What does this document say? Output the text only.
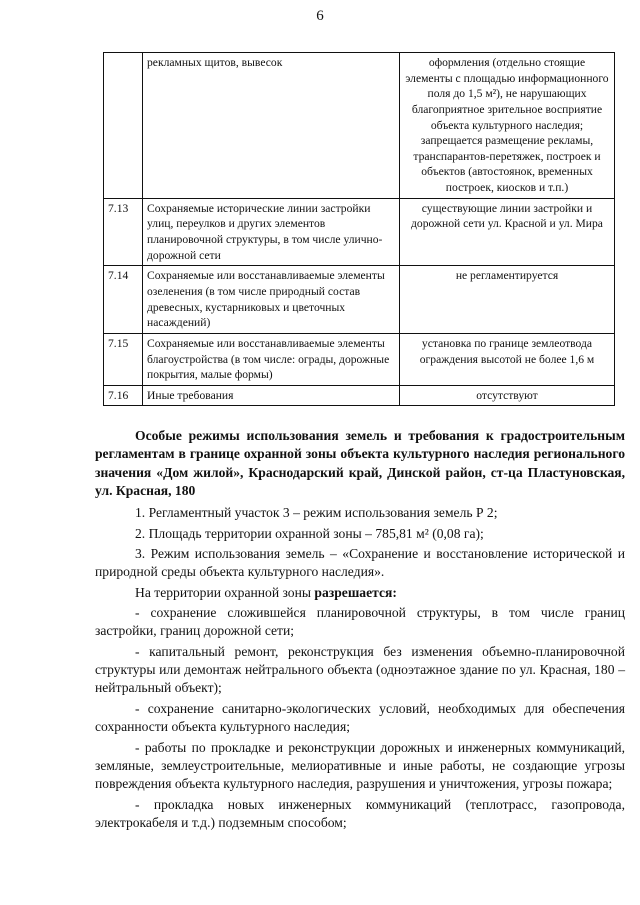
6
	рекламных щитов, вывесок	оформления (отдельно стоящие элементы с площадью информационного поля до 1,5 м²), не нарушающих благоприятное зрительное восприятие объекта культурного наследия; запрещается размещение рекламы, транспарантов-перетяжек, построек и объектов (автостоянок, временных построек, киосков и т.п.)
7.13	Сохраняемые исторические линии застройки улиц, переулков и других элементов планировочной структуры, в том числе улично-дорожной сети	существующие линии застройки и дорожной сети ул. Красной и ул. Мира
7.14	Сохраняемые или восстанавливаемые элементы озеленения (в том числе природный состав древесных, кустарниковых и цветочных насаждений)	не регламентируется
7.15	Сохраняемые или восстанавливаемые элементы благоустройства (в том числе: ограды, дорожные покрытия, малые формы)	установка по границе землеотвода ограждения высотой не более 1,6 м
7.16	Иные требования	отсутствуют

Особые режимы использования земель и требования к градостроительным регламентам в границе охранной зоны объекта культурного наследия регионального значения «Дом жилой», Краснодарский край, Динской район, ст-ца Пластуновская, ул. Красная, 180

1. Регламентный участок 3 – режим использования земель Р 2;

2. Площадь территории охранной зоны – 785,81 м² (0,08 га);

3. Режим использования земель – «Сохранение и восстановление исторической и природной среды объекта культурного наследия».

На территории охранной зоны разрешается:

- сохранение сложившейся планировочной структуры, в том числе границ застройки, границ дорожной сети;

- капитальный ремонт, реконструкция без изменения объемно-планировочной структуры или демонтаж нейтрального объекта (одноэтажное здание по ул. Красная, 180 – нейтральный объект);

- сохранение санитарно-экологических условий, необходимых для обеспечения сохранности объекта культурного наследия;

- работы по прокладке и реконструкции дорожных и инженерных коммуникаций, земляные, землеустроительные, мелиоративные и иные работы, не создающие угрозы повреждения объекта культурного наследия, разрушения и уничтожения, угрозы пожара;

- прокладка новых инженерных коммуникаций (теплотрасс, газопровода, электрокабеля и т.д.) подземным способом;
